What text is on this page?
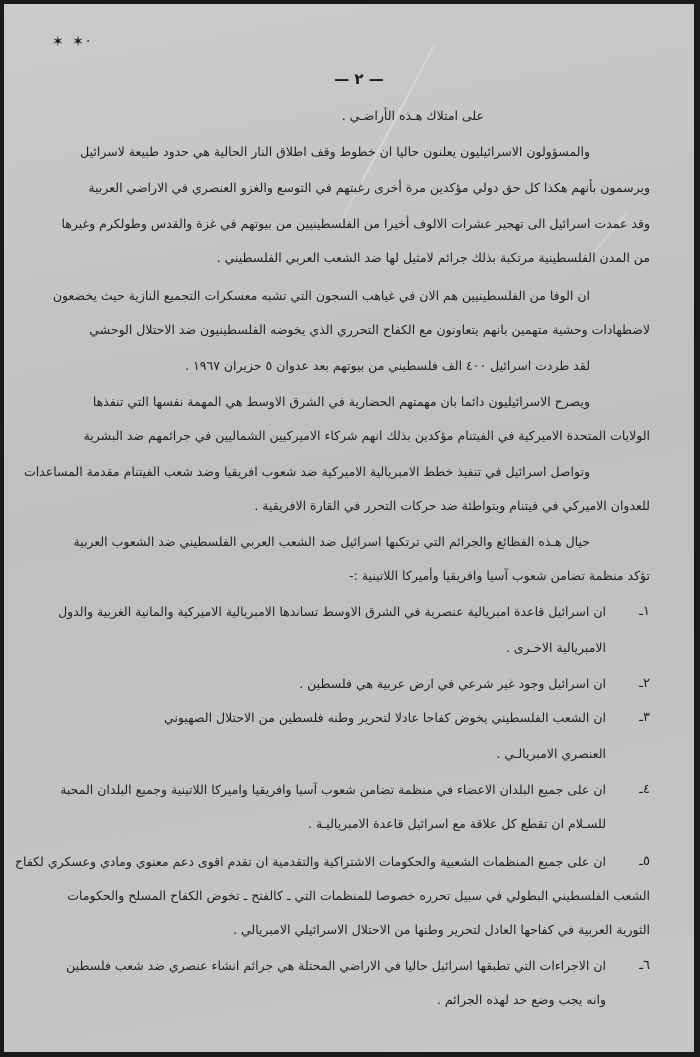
✶ ✶·
— ٢ —
على امتلاك هـذه الأراضـي .
والمسؤولون الاسرائيليون يعلنون حاليا ان خطوط وقف اطلاق النار الحالية هي حدود طبيعة لاسرائيل
ويرسمون بأنهم هكذا كل حق دولي مؤكدين مرة أخرى رغبتهم في التوسع والغزو العنصري في الاراضي العربية
وقد عمدت اسرائيل الى تهجير عشرات الالوف أخيرا من الفلسطينيين من بيوتهم في غزة والقدس وطولكرم وغيرها
من المدن الفلسطينية مرتكبة بذلك جرائم لامثيل لها ضد الشعب العربي الفلسطيني .
ان الوفا من الفلسطينيين هم الان في غياهب السجون التي تشبه معسكرات التجميع النازية حيث يخضعون
لاضطهادات وحشية متهمين بانهم يتعاونون مع الكفاح التحرري الذي يخوضه الفلسطينيون ضد الاحتلال الوحشي
لقد طردت اسرائيل ٤٠٠ الف فلسطيني من بيوتهم بعد عدوان ٥ حزيران ١٩٦٧ .
ويصرح الاسرائيليون دائما بان مهمتهم الحضارية في الشرق الاوسط هي المهمة نفسها التي تنفذها
الولايات المتحدة الاميركية في الفيتنام مؤكدين بذلك انهم شركاء الاميركيين الشماليين في جرائمهم ضد البشرية
وتواصل اسرائيل في تنفيذ خطط الامبريالية الاميركية ضد شعوب افريقيا وضد شعب الفيتنام مقدمة المساعدات
للعدوان الاميركي في فيتنام وبتواطئة ضد حركات التحرر في القارة الافريقية .
حيال هـذه الفظائع والجرائم التي ترتكبها اسرائيل ضد الشعب العربي الفلسطيني ضد الشعوب العربية
تؤكد منظمة تضامن شعوب آسيا وافريقيا وأميركا اللاتينية :-
١ـ
ان اسرائيل قاعدة امبريالية عنصرية في الشرق الاوسط تساندها الامبريالية الاميركية والمانية الغربية والدول
الامبريالية الاخـرى .
٢ـ
ان اسرائيل وجود غير شرعي في ارض عربية هي فلسطين .
٣ـ
ان الشعب الفلسطيني يخوض كفاحا عادلا لتحرير وطنه فلسطين من الاحتلال الصهيوني
العنصري الامبريالـي .
٤ـ
ان على جميع البلدان الاعضاء في منظمة تضامن شعوب آسيا وافريقيا واميركا اللاتينية وجميع البلدان المحبة
للسـلام ان تقطع كل علاقة مع اسرائيل قاعدة الامبرياليـة .
٥ـ
ان على جميع المنظمات الشعبية والحكومات الاشتراكية والتقدمية ان تقدم اقوى دعم معنوي ومادي وعسكري لكفاح
الشعب الفلسطيني البطولي في سبيل تحرره خصوصا للمنظمات التي ـ كالفتح ـ تخوض الكفاح المسلح والحكومات
الثورية العربية في كفاحها العادل لتحرير وطنها من الاحتلال الاسرائيلي الامبريالي .
٦ـ
ان الاجراءات التي تطبقها اسرائيل حاليا في الاراضي المحتلة هي جرائم انشاء عنصري ضد شعب فلسطين
وانه يجب وضع حد لهذه الجرائم .
